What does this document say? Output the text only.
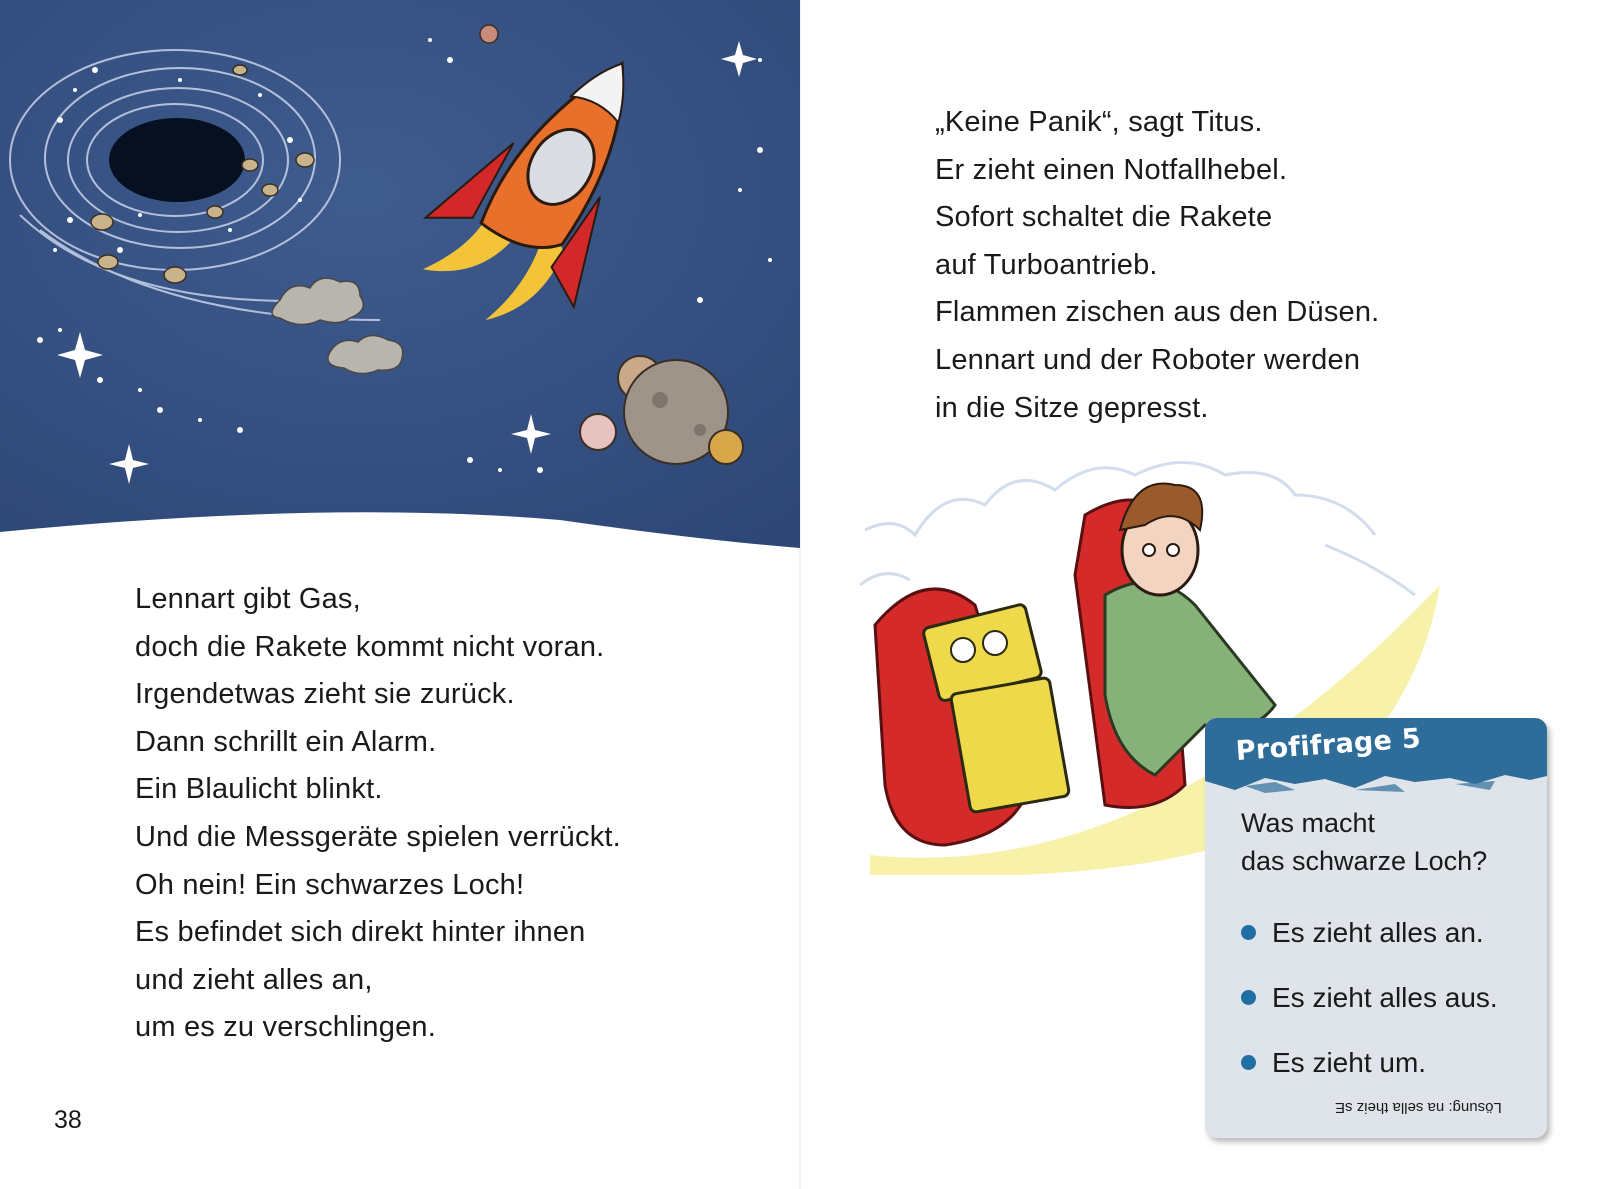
Lennart gibt Gas,
doch die Rakete kommt nicht voran.
Irgendetwas zieht sie zurück.
Dann schrillt ein Alarm.
Ein Blaulicht blinkt.
Und die Messgeräte spielen verrückt.
Oh nein! Ein schwarzes Loch!
Es befindet sich direkt hinter ihnen
und zieht alles an,
um es zu verschlingen.
38
„Keine Panik“, sagt Titus.
Er zieht einen Notfallhebel.
Sofort schaltet die Rakete
auf Turboantrieb.
Flammen zischen aus den Düsen.
Lennart und der Roboter werden
in die Sitze gepresst.
Profifrage 5
Was macht
das schwarze Loch?
Es zieht alles an.
Es zieht alles aus.
Es zieht um.
Lösung: na sella theiz sE
